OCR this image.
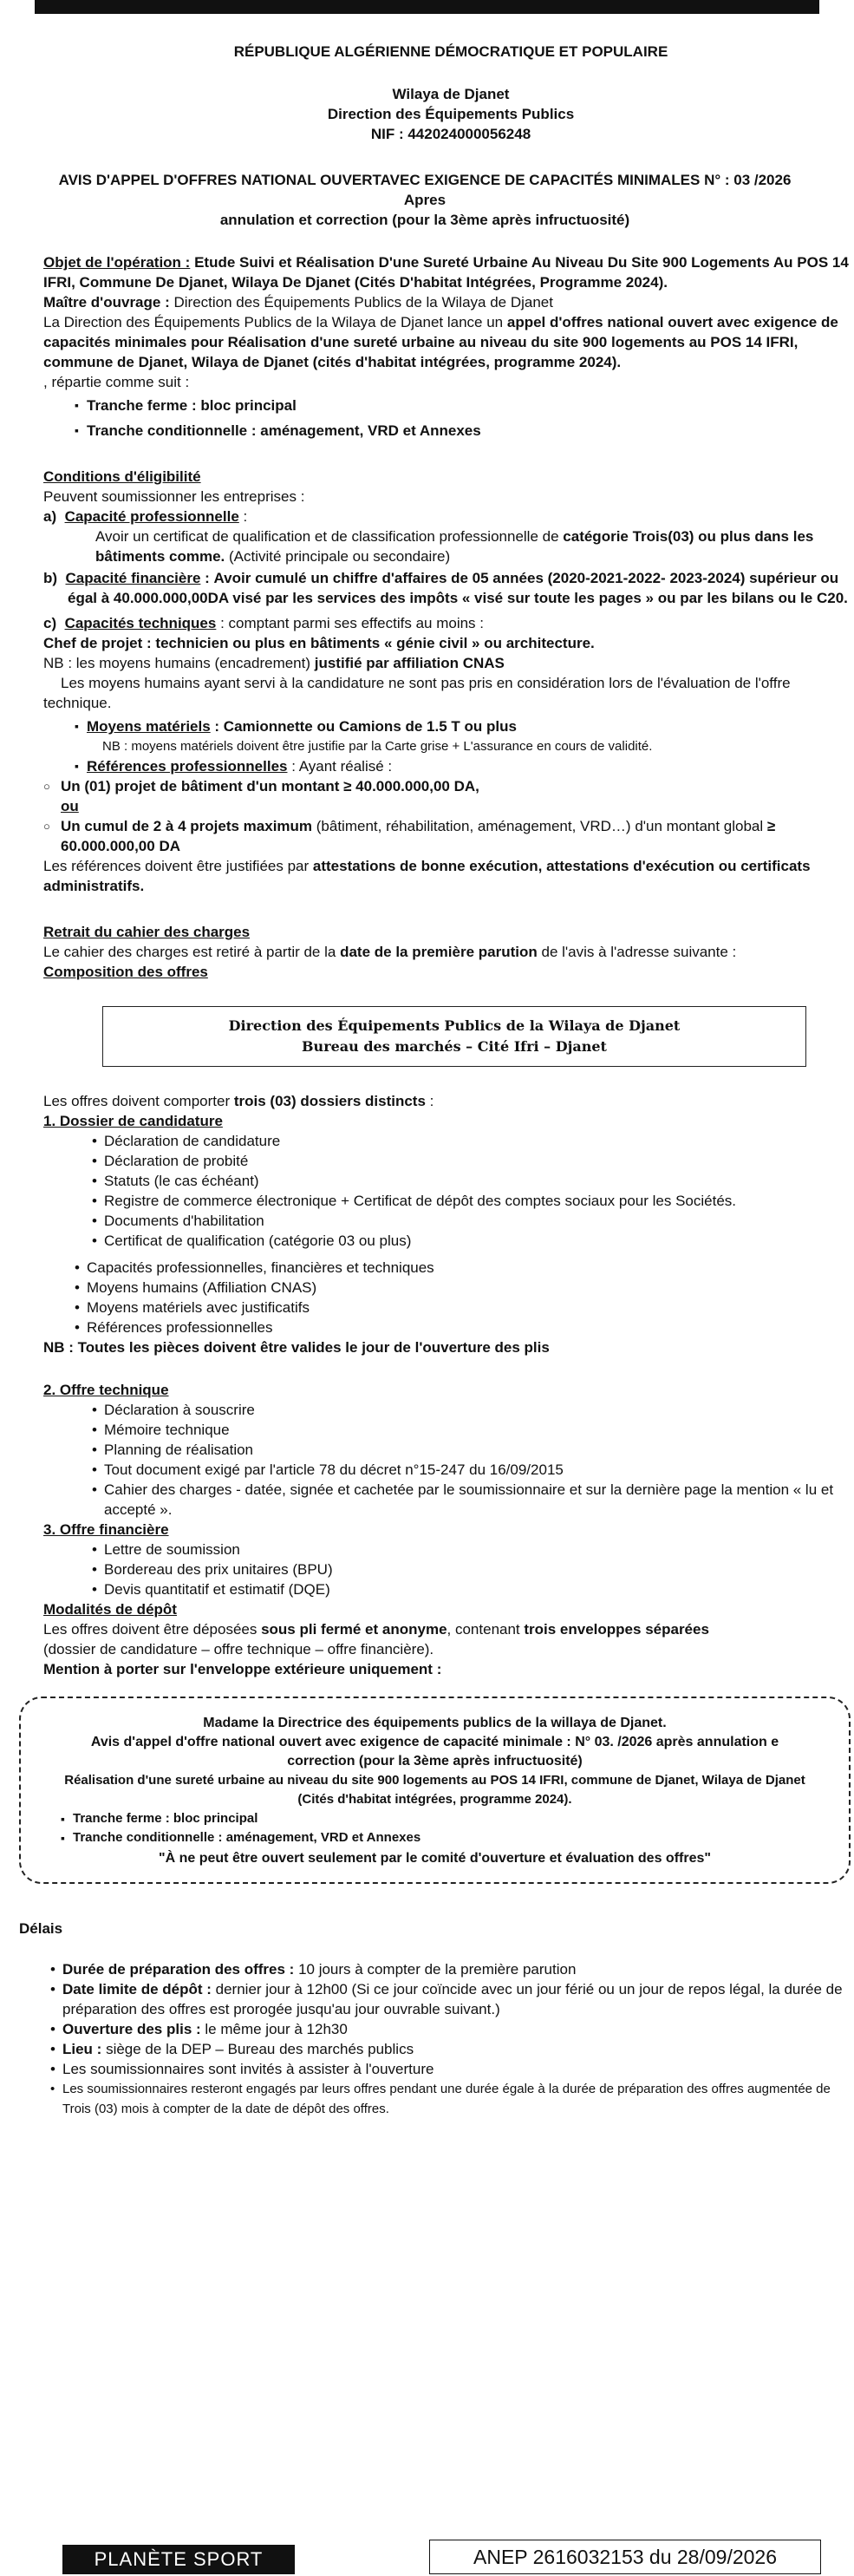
RÉPUBLIQUE ALGÉRIENNE DÉMOCRATIQUE ET POPULAIRE
Wilaya de Djanet
Direction des Équipements Publics
NIF : 442024000056248
AVIS D'APPEL D'OFFRES NATIONAL OUVERTAVEC EXIGENCE DE CAPACITÉS MINIMALES N° : 03 /2026 Apres
annulation et correction (pour la 3ème après infructuosité)
Objet de l'opération : Etude Suivi et Réalisation D'une Sureté Urbaine Au Niveau Du Site 900 Logements Au POS 14 IFRI, Commune De Djanet, Wilaya De Djanet (Cités D'habitat Intégrées, Programme 2024).
Maître d'ouvrage : Direction des Équipements Publics de la Wilaya de Djanet
La Direction des Équipements Publics de la Wilaya de Djanet lance un appel d'offres national ouvert avec exigence de capacités minimales pour Réalisation d'une sureté urbaine au niveau du site 900 logements au POS 14 IFRI, commune de Djanet, Wilaya de Djanet (cités d'habitat intégrées, programme 2024).
, répartie comme suit :
▪ Tranche ferme : bloc principal
▪ Tranche conditionnelle : aménagement, VRD et Annexes
Conditions d'éligibilité
Peuvent soumissionner les entreprises :
a)  Capacité professionnelle :
Avoir un certificat de qualification et de classification professionnelle de catégorie Trois(03) ou plus dans les bâtiments comme. (Activité principale ou secondaire)
b)  Capacité financière : Avoir cumulé un chiffre d'affaires de 05 années (2020-2021-2022- 2023-2024) supérieur ou égal à 40.000.000,00DA visé par les services des impôts « visé sur toute les pages » ou par les bilans ou le C20.
c)  Capacités techniques : comptant parmi ses effectifs au moins :
Chef de projet : technicien ou plus en bâtiments « génie civil » ou architecture.
NB : les moyens humains (encadrement) justifié par affiliation CNAS
Les moyens humains ayant servi à la candidature ne sont pas pris en considération lors de l'évaluation de l'offre technique.
▪ Moyens matériels : Camionnette ou Camions de 1.5 T ou plus
NB : moyens matériels doivent être justifie par la Carte grise + L'assurance en cours de validité.
▪ Références professionnelles : Ayant réalisé :
○ Un (01) projet de bâtiment d'un montant ≥ 40.000.000,00 DA,
ou
○ Un cumul de 2 à 4 projets maximum (bâtiment, réhabilitation, aménagement, VRD…) d'un montant global ≥ 60.000.000,00 DA
Les références doivent être justifiées par attestations de bonne exécution, attestations d'exécution ou certificats administratifs.
Retrait du cahier des charges
Le cahier des charges est retiré à partir de la date de la première parution de l'avis à l'adresse suivante :
Composition des offres
Direction des Équipements Publics de la Wilaya de Djanet
Bureau des marchés – Cité Ifri – Djanet
Les offres doivent comporter trois (03) dossiers distincts :
1. Dossier de candidature
• Déclaration de candidature
• Déclaration de probité
• Statuts (le cas échéant)
• Registre de commerce électronique + Certificat de dépôt des comptes sociaux pour les Sociétés.
• Documents d'habilitation
• Certificat de qualification (catégorie 03 ou plus)
• Capacités professionnelles, financières et techniques
• Moyens humains (Affiliation CNAS)
• Moyens matériels avec justificatifs
• Références professionnelles
NB : Toutes les pièces doivent être valides le jour de l'ouverture des plis
2. Offre technique
• Déclaration à souscrire
• Mémoire technique
• Planning de réalisation
• Tout document exigé par l'article 78 du décret n°15-247 du 16/09/2015
• Cahier des charges - datée, signée et cachetée par le soumissionnaire et sur la dernière page la mention « lu et accepté ».
3. Offre financière
• Lettre de soumission
• Bordereau des prix unitaires (BPU)
• Devis quantitatif et estimatif (DQE)
Modalités de dépôt
Les offres doivent être déposées sous pli fermé et anonyme, contenant trois enveloppes séparées
(dossier de candidature – offre technique – offre financière).
Mention à porter sur l'enveloppe extérieure uniquement :
Madame la Directrice des équipements publics de la willaya de Djanet.
Avis d'appel d'offre national ouvert avec exigence de capacité minimale : N° 03. /2026 après annulation e
correction (pour la 3ème après infructuosité)
Réalisation d'une sureté urbaine au niveau du site 900 logements au POS 14 IFRI, commune de Djanet, Wilaya de Djanet
(Cités d'habitat intégrées, programme 2024).
▪ Tranche ferme : bloc principal
▪ Tranche conditionnelle : aménagement, VRD et Annexes
"À ne peut être ouvert seulement par le comité d'ouverture et évaluation des offres"
Délais
• Durée de préparation des offres : 10 jours à compter de la première parution
• Date limite de dépôt : dernier jour à 12h00 (Si ce jour coïncide avec un jour férié ou un jour de repos légal, la durée de préparation des offres est prorogée jusqu'au jour ouvrable suivant.)
• Ouverture des plis : le même jour à 12h30
• Lieu : siège de la DEP – Bureau des marchés publics
• Les soumissionnaires sont invités à assister à l'ouverture
• Les soumissionnaires resteront engagés par leurs offres pendant une durée égale à la durée de préparation des offres augmentée de Trois (03) mois à compter de la date de dépôt des offres.
PLANÈTE SPORT	ANEP 2616032153 du 28/09/2026
